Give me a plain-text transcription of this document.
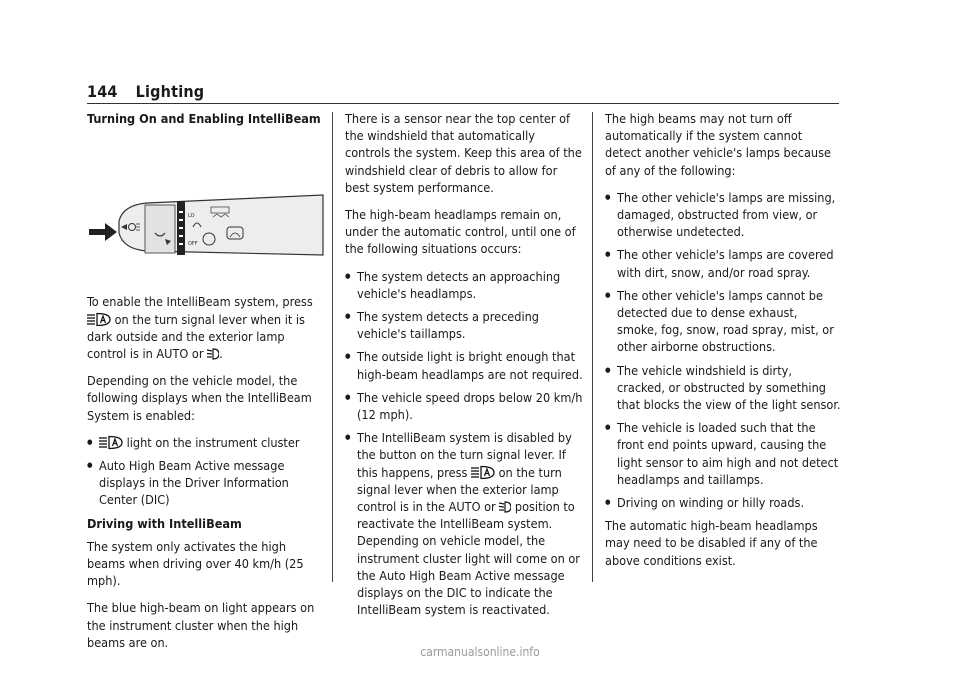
144 Lighting
Turning On and Enabling IntelliBeam
LO
OFF

To enable the IntelliBeam system, press
on the turn signal lever when it is dark outside and the exterior lamp control is in AUTO or .

Depending on the vehicle model, the following displays when the IntelliBeam System is enabled:

● light on the instrument cluster
● Auto High Beam Active message displays in the Driver Information Center (DIC)
Driving with IntelliBeam

The system only activates the high beams when driving over 40 km/h (25 mph).

The blue high-beam on light appears on the instrument cluster when the high beams are on.

There is a sensor near the top center of the windshield that automatically controls the system. Keep this area of the windshield clear of debris to allow for best system performance.

The high-beam headlamps remain on, under the automatic control, until one of the following situations occurs:

● The system detects an approaching vehicle's headlamps.
● The system detects a preceding vehicle's taillamps.
● The outside light is bright enough that high-beam headlamps are not required.
● The vehicle speed drops below 20 km/h (12 mph).
● The IntelliBeam system is disabled by the button on the turn signal lever. If this happens, press on the turn signal lever when the exterior lamp control is in the AUTO or position to reactivate the IntelliBeam system. Depending on vehicle model, the instrument cluster light will come on or the Auto High Beam Active message displays on the DIC to indicate the IntelliBeam system is reactivated.

The high beams may not turn off automatically if the system cannot detect another vehicle's lamps because of any of the following:

● The other vehicle's lamps are missing, damaged, obstructed from view, or otherwise undetected.
● The other vehicle's lamps are covered with dirt, snow, and/or road spray.
● The other vehicle's lamps cannot be detected due to dense exhaust, smoke, fog, snow, road spray, mist, or other airborne obstructions.
● The vehicle windshield is dirty, cracked, or obstructed by something that blocks the view of the light sensor.
● The vehicle is loaded such that the front end points upward, causing the light sensor to aim high and not detect headlamps and taillamps.
● Driving on winding or hilly roads.

The automatic high-beam headlamps may need to be disabled if any of the above conditions exist.

carmanualsonline.info
